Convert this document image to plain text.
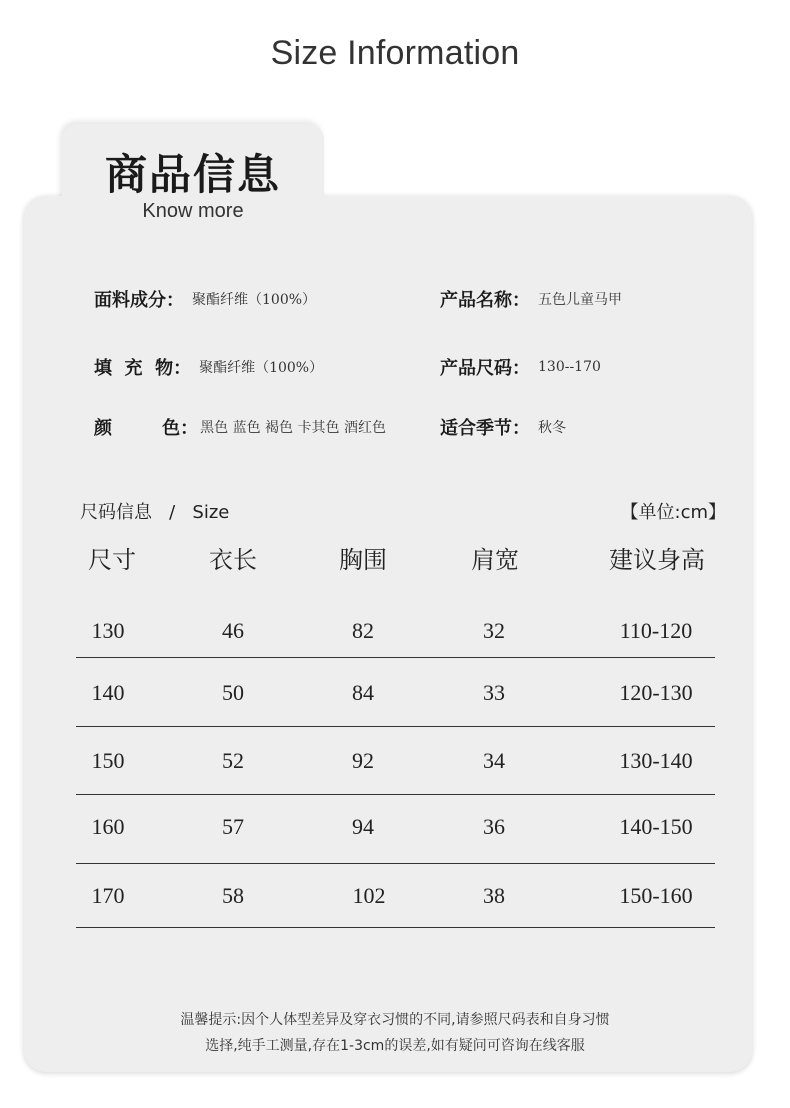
Size Information
商品信息
Know more
面料成分： 聚酯纤维（100%）	产品名称： 五色儿童马甲
填  充  物： 聚酯纤维（100%）	产品尺码： 130--170
颜        色： 黑色 蓝色 褐色 卡其色 酒红色	适合季节： 秋冬
尺码信息   /   Size	【单位:cm】
尺寸	衣长	胸围	肩宽	建议身高
130	46	82	32	110-120
140	50	84	33	120-130
150	52	92	34	130-140
160	57	94	36	140-150
170	58	102	38	150-160
温馨提示:因个人体型差异及穿衣习惯的不同,请参照尺码表和自身习惯
选择,纯手工测量,存在1-3cm的误差,如有疑问可咨询在线客服
